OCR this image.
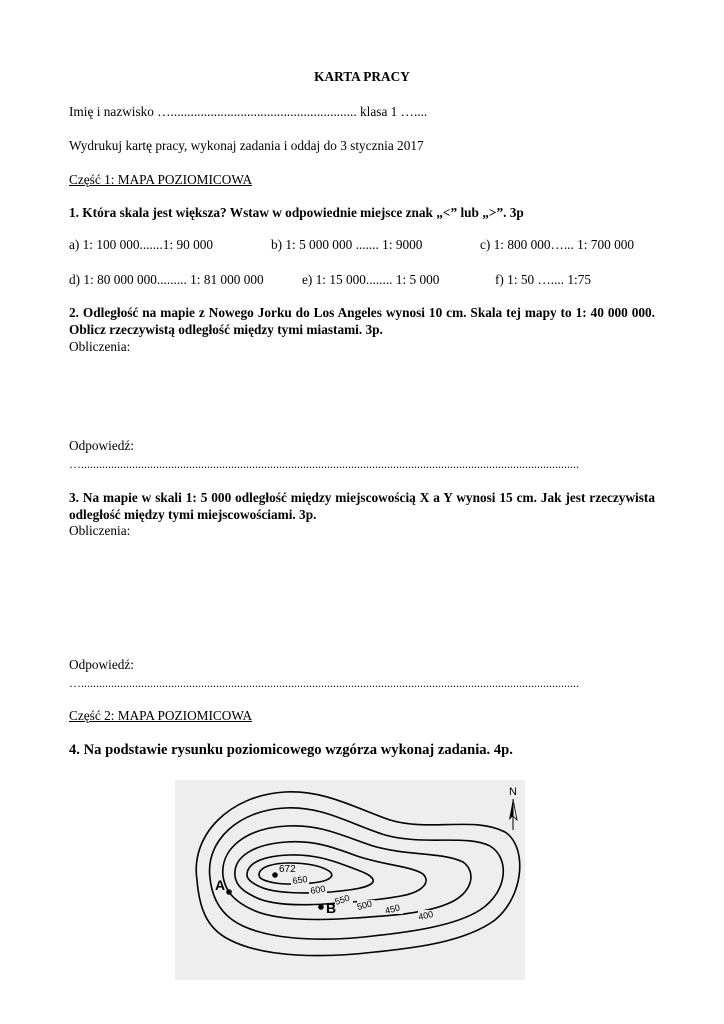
KARTA PRACY
Imię i nazwisko …........................................................ klasa 1 …....
Wydrukuj kartę pracy, wykonaj zadania i oddaj do 3 stycznia 2017
Część 1: MAPA POZIOMICOWA
1. Która skala jest większa? Wstaw w odpowiednie miejsce znak „<” lub „>”. 3p
a) 1: 100 000.......1: 90 000	b) 1: 5 000 000 ....... 1: 9000	c) 1: 800 000…... 1: 700 000
d) 1: 80 000 000......... 1: 81 000 000	e) 1: 15 000........ 1: 5 000	f) 1: 50 ….... 1:75
2. Odległość na mapie z Nowego Jorku do Los Angeles wynosi 10 cm. Skala tej mapy to 1: 40 000 000. Oblicz rzeczywistą odległość między tymi miastami. 3p.
Obliczenia:
Odpowiedź:
…......................................................................................................................................................................
3. Na mapie w skali 1: 5 000 odległość między miejscowością X a Y wynosi 15 cm. Jak jest rzeczywista odległość między tymi miejscowościami. 3p.
Obliczenia:
Odpowiedź:
…......................................................................................................................................................................
Część 2: MAPA POZIOMICOWA
4. Na podstawie rysunku poziomicowego wzgórza wykonaj zadania. 4p.
672
650
600
550 500 450 400
A
B
N
